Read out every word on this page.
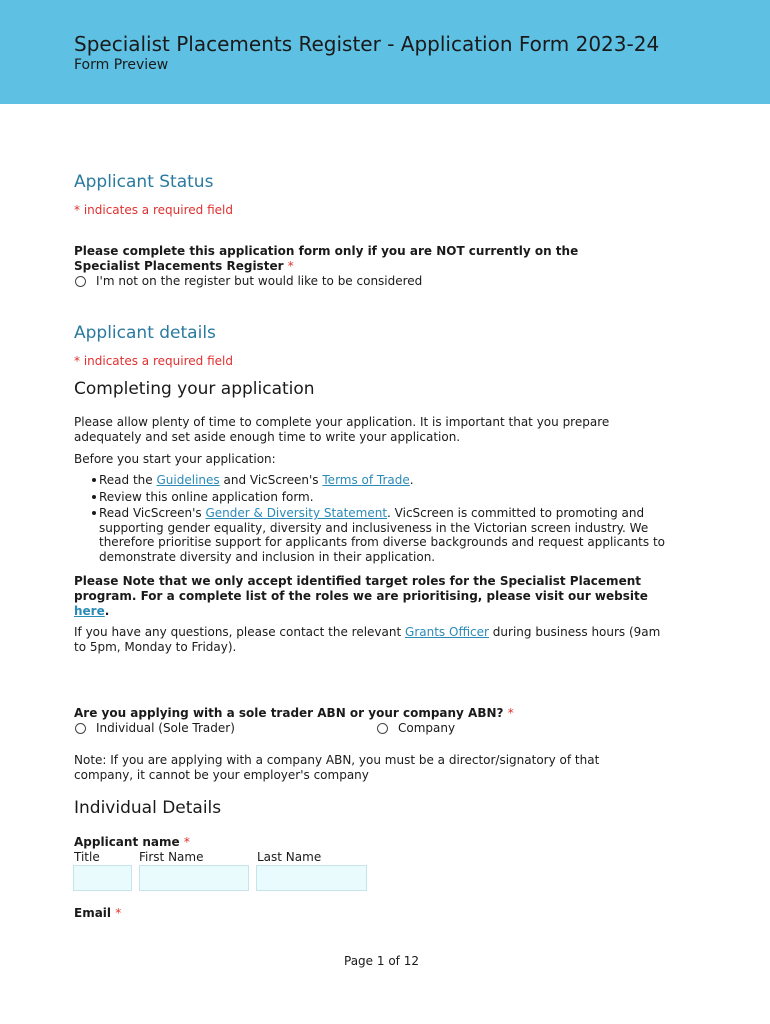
Specialist Placements Register - Application Form 2023-24
Form Preview
Applicant Status
* indicates a required field
Please complete this application form only if you are NOT currently on the Specialist Placements Register *
I'm not on the register but would like to be considered
Applicant details
* indicates a required field
Completing your application
Please allow plenty of time to complete your application. It is important that you prepare adequately and set aside enough time to write your application.
Before you start your application:
Read the Guidelines and VicScreen's Terms of Trade.
Review this online application form.
Read VicScreen's Gender & Diversity Statement. VicScreen is committed to promoting and supporting gender equality, diversity and inclusiveness in the Victorian screen industry. We therefore prioritise support for applicants from diverse backgrounds and request applicants to demonstrate diversity and inclusion in their application.
Please Note that we only accept identified target roles for the Specialist Placement program. For a complete list of the roles we are prioritising, please visit our website here.
If you have any questions, please contact the relevant Grants Officer during business hours (9am to 5pm, Monday to Friday).
Are you applying with a sole trader ABN or your company ABN? *
Individual (Sole Trader)	Company
Note: If you are applying with a company ABN, you must be a director/signatory of that company, it cannot be your employer's company
Individual Details
Applicant name *
Title	First Name	Last Name
Email *
Page 1 of 12
